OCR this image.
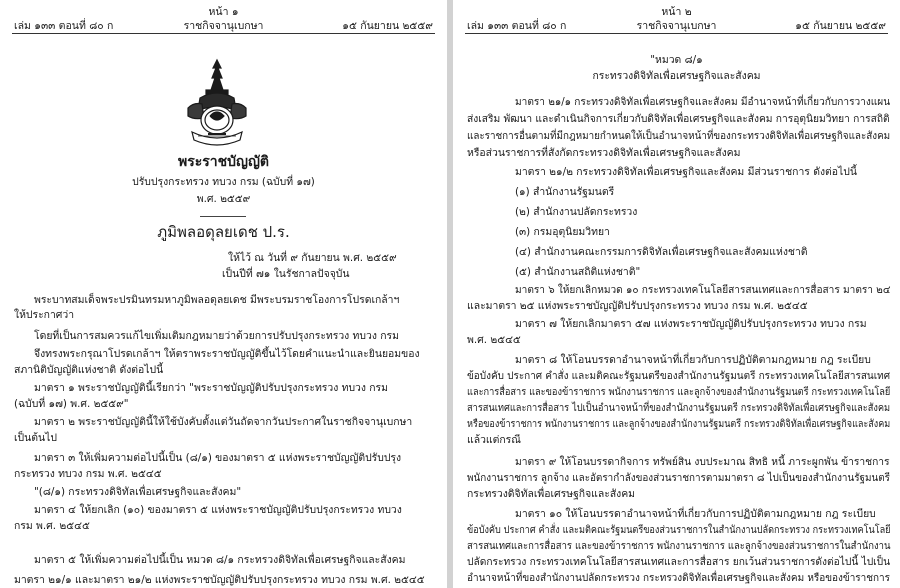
หน้า ๑
เล่ม ๑๓๓ ตอนที่ ๘๐ ก	ราชกิจจานุเบกษา	๑๕ กันยายน ๒๕๕๙
พระราชบัญญัติ
ปรับปรุงกระทรวง ทบวง กรม (ฉบับที่ ๑๗)
พ.ศ. ๒๕๕๙
ภูมิพลอดุลยเดช ป.ร.
ให้ไว้ ณ วันที่ ๙ กันยายน พ.ศ. ๒๕๕๙
เป็นปีที่ ๗๑ ในรัชกาลปัจจุบัน
พระบาทสมเด็จพระปรมินทรมหาภูมิพลอดุลยเดช มีพระบรมราชโองการโปรดเกล้าฯ
ให้ประกาศว่า
โดยที่เป็นการสมควรแก้ไขเพิ่มเติมกฎหมายว่าด้วยการปรับปรุงกระทรวง ทบวง กรม
จึงทรงพระกรุณาโปรดเกล้าฯ ให้ตราพระราชบัญญัติขึ้นไว้โดยคำแนะนำและยินยอมของ
สภานิติบัญญัติแห่งชาติ ดังต่อไปนี้
มาตรา ๑ พระราชบัญญัตินี้เรียกว่า "พระราชบัญญัติปรับปรุงกระทรวง ทบวง กรม
(ฉบับที่ ๑๗) พ.ศ. ๒๕๕๙"
มาตรา ๒ พระราชบัญญัตินี้ให้ใช้บังคับตั้งแต่วันถัดจากวันประกาศในราชกิจจานุเบกษา
เป็นต้นไป
มาตรา ๓ ให้เพิ่มความต่อไปนี้เป็น (๘/๑) ของมาตรา ๕ แห่งพระราชบัญญัติปรับปรุง
กระทรวง ทบวง กรม พ.ศ. ๒๕๔๕
"(๘/๑) กระทรวงดิจิทัลเพื่อเศรษฐกิจและสังคม"
มาตรา ๔ ให้ยกเลิก (๑๐) ของมาตรา ๕ แห่งพระราชบัญญัติปรับปรุงกระทรวง ทบวง
กรม พ.ศ. ๒๕๔๕
มาตรา ๕ ให้เพิ่มความต่อไปนี้เป็น หมวด ๘/๑ กระทรวงดิจิทัลเพื่อเศรษฐกิจและสังคม
มาตรา ๒๑/๑ และมาตรา ๒๑/๒ แห่งพระราชบัญญัติปรับปรุงกระทรวง ทบวง กรม พ.ศ. ๒๕๔๕
หน้า ๒
เล่ม ๑๓๓ ตอนที่ ๘๐ ก	ราชกิจจานุเบกษา	๑๕ กันยายน ๒๕๕๙
"หมวด ๘/๑
กระทรวงดิจิทัลเพื่อเศรษฐกิจและสังคม
มาตรา ๒๑/๑ กระทรวงดิจิทัลเพื่อเศรษฐกิจและสังคม มีอำนาจหน้าที่เกี่ยวกับการวางแผน
ส่งเสริม พัฒนา และดำเนินกิจการเกี่ยวกับดิจิทัลเพื่อเศรษฐกิจและสังคม การอุตุนิยมวิทยา การสถิติ
และราชการอื่นตามที่มีกฎหมายกำหนดให้เป็นอำนาจหน้าที่ของกระทรวงดิจิทัลเพื่อเศรษฐกิจและสังคม
หรือส่วนราชการที่สังกัดกระทรวงดิจิทัลเพื่อเศรษฐกิจและสังคม
มาตรา ๒๑/๒ กระทรวงดิจิทัลเพื่อเศรษฐกิจและสังคม มีส่วนราชการ ดังต่อไปนี้
(๑) สำนักงานรัฐมนตรี
(๒) สำนักงานปลัดกระทรวง
(๓) กรมอุตุนิยมวิทยา
(๔) สำนักงานคณะกรรมการดิจิทัลเพื่อเศรษฐกิจและสังคมแห่งชาติ
(๕) สำนักงานสถิติแห่งชาติ"
มาตรา ๖ ให้ยกเลิกหมวด ๑๐ กระทรวงเทคโนโลยีสารสนเทศและการสื่อสาร มาตรา ๒๔
และมาตรา ๒๕ แห่งพระราชบัญญัติปรับปรุงกระทรวง ทบวง กรม พ.ศ. ๒๕๔๕
มาตรา ๗ ให้ยกเลิกมาตรา ๕๗ แห่งพระราชบัญญัติปรับปรุงกระทรวง ทบวง กรม
พ.ศ. ๒๕๔๕
มาตรา ๘ ให้โอนบรรดาอำนาจหน้าที่เกี่ยวกับการปฏิบัติตามกฎหมาย กฎ ระเบียบ
ข้อบังคับ ประกาศ คำสั่ง และมติคณะรัฐมนตรีของสำนักงานรัฐมนตรี กระทรวงเทคโนโลยีสารสนเทศ
และการสื่อสาร และของข้าราชการ พนักงานราชการ และลูกจ้างของสำนักงานรัฐมนตรี กระทรวงเทคโนโลยี
สารสนเทศและการสื่อสาร ไปเป็นอำนาจหน้าที่ของสำนักงานรัฐมนตรี กระทรวงดิจิทัลเพื่อเศรษฐกิจและสังคม
หรือของข้าราชการ พนักงานราชการ และลูกจ้างของสำนักงานรัฐมนตรี กระทรวงดิจิทัลเพื่อเศรษฐกิจและสังคม
แล้วแต่กรณี
มาตรา ๙ ให้โอนบรรดากิจการ ทรัพย์สิน งบประมาณ สิทธิ หนี้ ภาระผูกพัน ข้าราชการ
พนักงานราชการ ลูกจ้าง และอัตรากำลังของส่วนราชการตามมาตรา ๘ ไปเป็นของสำนักงานรัฐมนตรี
กระทรวงดิจิทัลเพื่อเศรษฐกิจและสังคม
มาตรา ๑๐ ให้โอนบรรดาอำนาจหน้าที่เกี่ยวกับการปฏิบัติตามกฎหมาย กฎ ระเบียบ
ข้อบังคับ ประกาศ คำสั่ง และมติคณะรัฐมนตรีของส่วนราชการในสำนักงานปลัดกระทรวง กระทรวงเทคโนโลยี
สารสนเทศและการสื่อสาร และของข้าราชการ พนักงานราชการ และลูกจ้างของส่วนราชการในสำนักงาน
ปลัดกระทรวง กระทรวงเทคโนโลยีสารสนเทศและการสื่อสาร ยกเว้นส่วนราชการดังต่อไปนี้ ไปเป็น
อำนาจหน้าที่ของสำนักงานปลัดกระทรวง กระทรวงดิจิทัลเพื่อเศรษฐกิจและสังคม หรือของข้าราชการ
